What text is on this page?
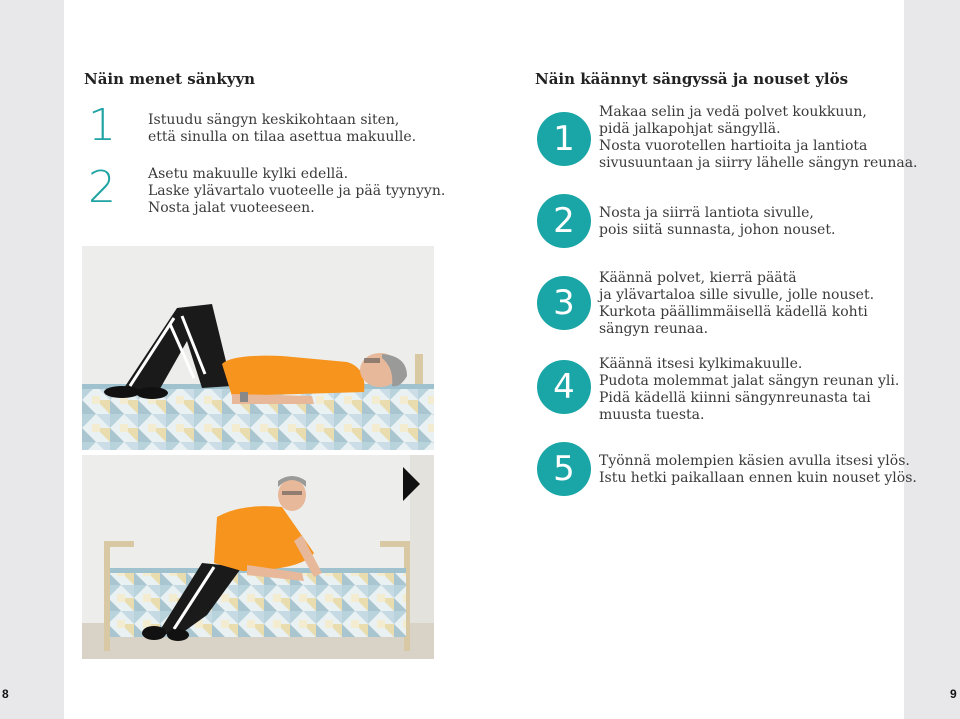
Näin menet sänkyyn
1 Istuudu sängyn keskikohtaan siten,
että sinulla on tilaa asettua makuulle.
2 Asetu makuulle kylki edellä.
Laske ylävartalo vuoteelle ja pää tyynyyn.
Nosta jalat vuoteeseen.
Näin käännyt sängyssä ja nouset ylös
1
Makaa selin ja vedä polvet koukkuun,
pidä jalkapohjat sängyllä.
Nosta vuorotellen hartioita ja lantiota
sivusuuntaan ja siirry lähelle sängyn reunaa.
2	Nosta ja siirrä lantiota sivulle,
pois siitä sunnasta, johon nouset.
3
Käännä polvet, kierrä päätä
ja ylävartaloa sille sivulle, jolle nouset.
Kurkota päällimmäisellä kädellä kohti
sängyn reunaa.
4
Käännä itsesi kylkimakuulle.
Pudota molemmat jalat sängyn reunan yli.
Pidä kädellä kiinni sängynreunasta tai
muusta tuesta.
5	Työnnä molempien käsien avulla itsesi ylös.
Istu hetki paikallaan ennen kuin nouset ylös.
8	9
